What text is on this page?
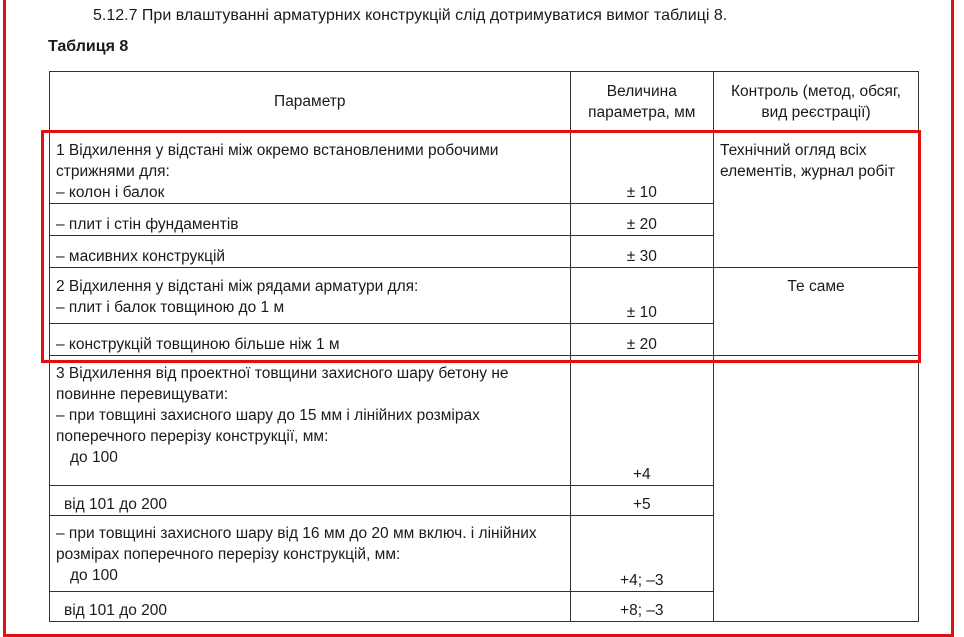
5.12.7 При влаштуванні арматурних конструкцій слід дотримуватися вимог таблиці 8.
Таблиця 8
Параметр	Величина параметра, мм	Контроль (метод, обсяг, вид реєстрації)

1 Відхилення у відстані між окремо встановленими робочими стрижнями для:
– колон і балок	± 10	Технічний огляд всіх елементів, журнал робіт
– плит і стін фундаментів	± 20	
– масивних конструкцій	± 30	

2 Відхилення у відстані між рядами арматури для:
– плит і балок товщиною до 1 м	± 10	Те саме
– конструкцій товщиною більше ніж 1 м	± 20	

3 Відхилення від проектної товщини захисного шару бетону не повинне перевищувати:
– при товщині захисного шару до 15 мм і лінійних розмірах поперечного перерізу конструкції, мм:
до 100	+4	
від 101 до 200	+5	

– при товщині захисного шару від 16 мм до 20 мм включ. і лінійних розмірах поперечного перерізу конструкцій, мм:
до 100	+4; –3	
від 101 до 200	+8; –3	
